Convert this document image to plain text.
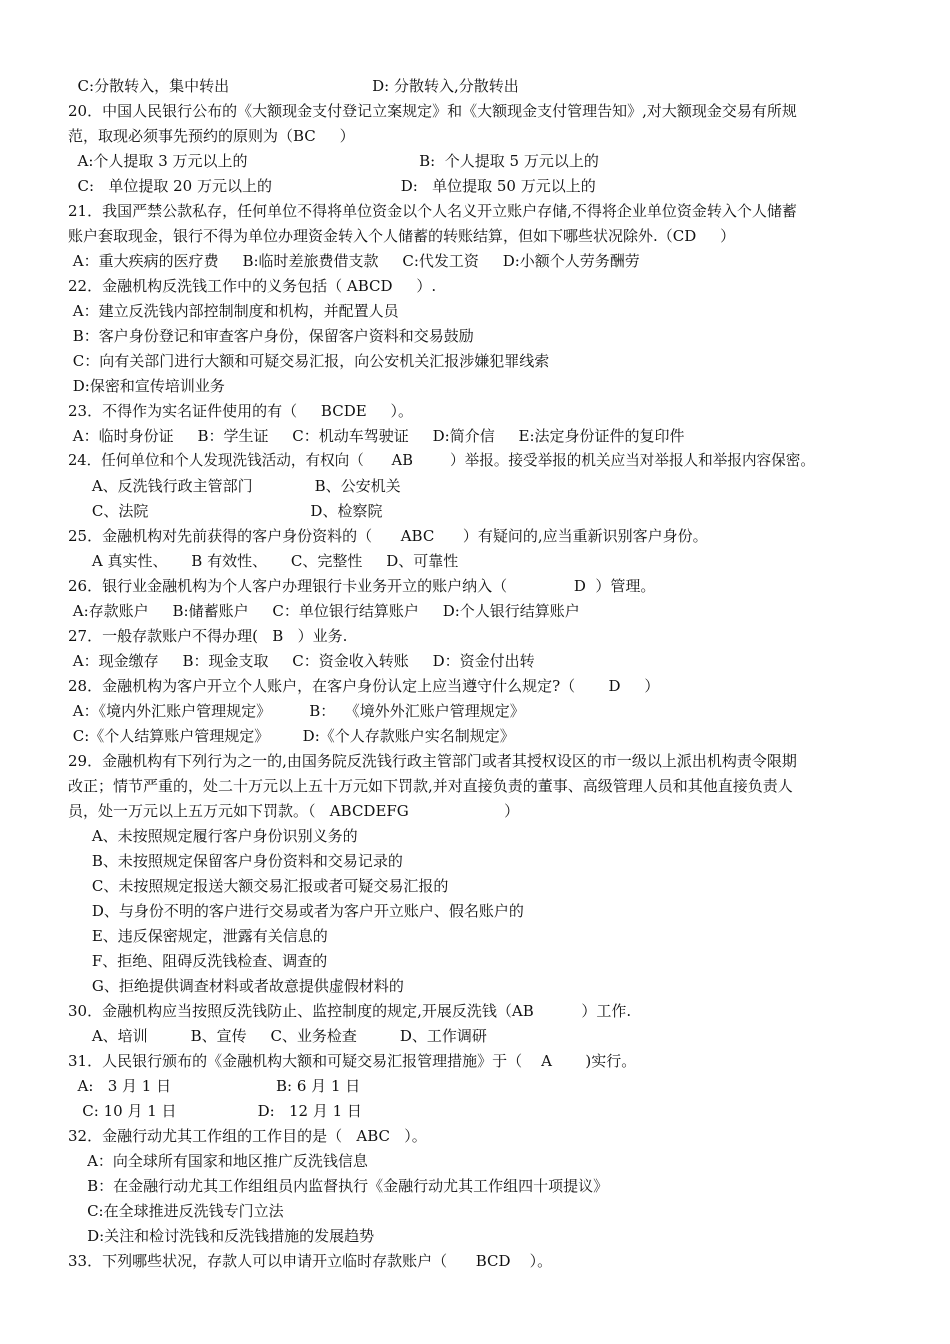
C:分散转入，集中转出                              D: 分散转入,分散转出
20．中国人民银行公布的《大额现金支付登记立案规定》和《大额现金支付管理告知》,对大额现金交易有所规
范，取现必须事先预约的原则为（BC     ）
A:个人提取 3 万元以上的                                    B:  个人提取 5 万元以上的
C:   单位提取 20 万元以上的                           D:   单位提取 50 万元以上的
21．我国严禁公款私存，任何单位不得将单位资金以个人名义开立账户存储,不得将企业单位资金转入个人储蓄
账户套取现金，银行不得为单位办理资金转入个人储蓄的转账结算，但如下哪些状况除外.（CD     ）
A：重大疾病的医疗费     B:临时差旅费借支款     C:代发工资     D:小额个人劳务酬劳
22．金融机构反洗钱工作中的义务包括（ ABCD     ）.
A：建立反洗钱内部控制制度和机构，并配置人员
B：客户身份登记和审查客户身份，保留客户资料和交易鼓励
C：向有关部门进行大额和可疑交易汇报，向公安机关汇报涉嫌犯罪线索
D:保密和宣传培训业务
23．不得作为实名证件使用的有（     BCDE     ）。
A：临时身份证     B：学生证     C：机动车驾驶证     D:简介信     E:法定身份证件的复印件
24．任何单位和个人发现洗钱活动，有权向（      AB        ）举报。接受举报的机关应当对举报人和举报内容保密。
A、反洗钱行政主管部门             B、公安机关
C、法院                                  D、检察院
25．金融机构对先前获得的客户身份资料的（      ABC      ）有疑问的,应当重新识别客户身份。
A 真实性、     B 有效性、     C、完整性     D、可靠性
26．银行业金融机构为个人客户办理银行卡业务开立的账户纳入（              D  ）管理。
A:存款账户     B:储蓄账户     C：单位银行结算账户     D:个人银行结算账户
27．一般存款账户不得办理(   B   ）业务.
A：现金缴存     B：现金支取     C：资金收入转账     D：资金付出转
28．金融机构为客户开立个人账户，在客户身份认定上应当遵守什么规定?（       D     ）
A：《境内外汇账户管理规定》        B：  《境外外汇账户管理规定》
C:《个人结算账户管理规定》       D:《个人存款账户实名制规定》
29．金融机构有下列行为之一的,由国务院反洗钱行政主管部门或者其授权设区的市一级以上派出机构责令限期
改正；情节严重的，处二十万元以上五十万元如下罚款,并对直接负责的董事、高级管理人员和其他直接负责人
员，处一万元以上五万元如下罚款。（   ABCDEFG                    ）
A、未按照规定履行客户身份识别义务的
B、未按照规定保留客户身份资料和交易记录的
C、未按照规定报送大额交易汇报或者可疑交易汇报的
D、与身份不明的客户进行交易或者为客户开立账户、假名账户的
E、违反保密规定，泄露有关信息的
F、拒绝、阻碍反洗钱检查、调查的
G、拒绝提供调查材料或者故意提供虚假材料的
30．金融机构应当按照反洗钱防止、监控制度的规定,开展反洗钱（AB          ）工作.
A、培训         B、宣传     C、业务检查         D、工作调研
31．人民银行颁布的《金融机构大额和可疑交易汇报管理措施》于（    A       )实行。
A:   3 月 1 日                      B: 6 月 1 日
C: 10 月 1 日                 D:   12 月 1 日
32．金融行动尤其工作组的工作目的是（   ABC   ）。
A：向全球所有国家和地区推广反洗钱信息
B：在金融行动尤其工作组组员内监督执行《金融行动尤其工作组四十项提议》
C:在全球推进反洗钱专门立法
D:关注和检讨洗钱和反洗钱措施的发展趋势
33．下列哪些状况，存款人可以申请开立临时存款账户（      BCD    ）。
